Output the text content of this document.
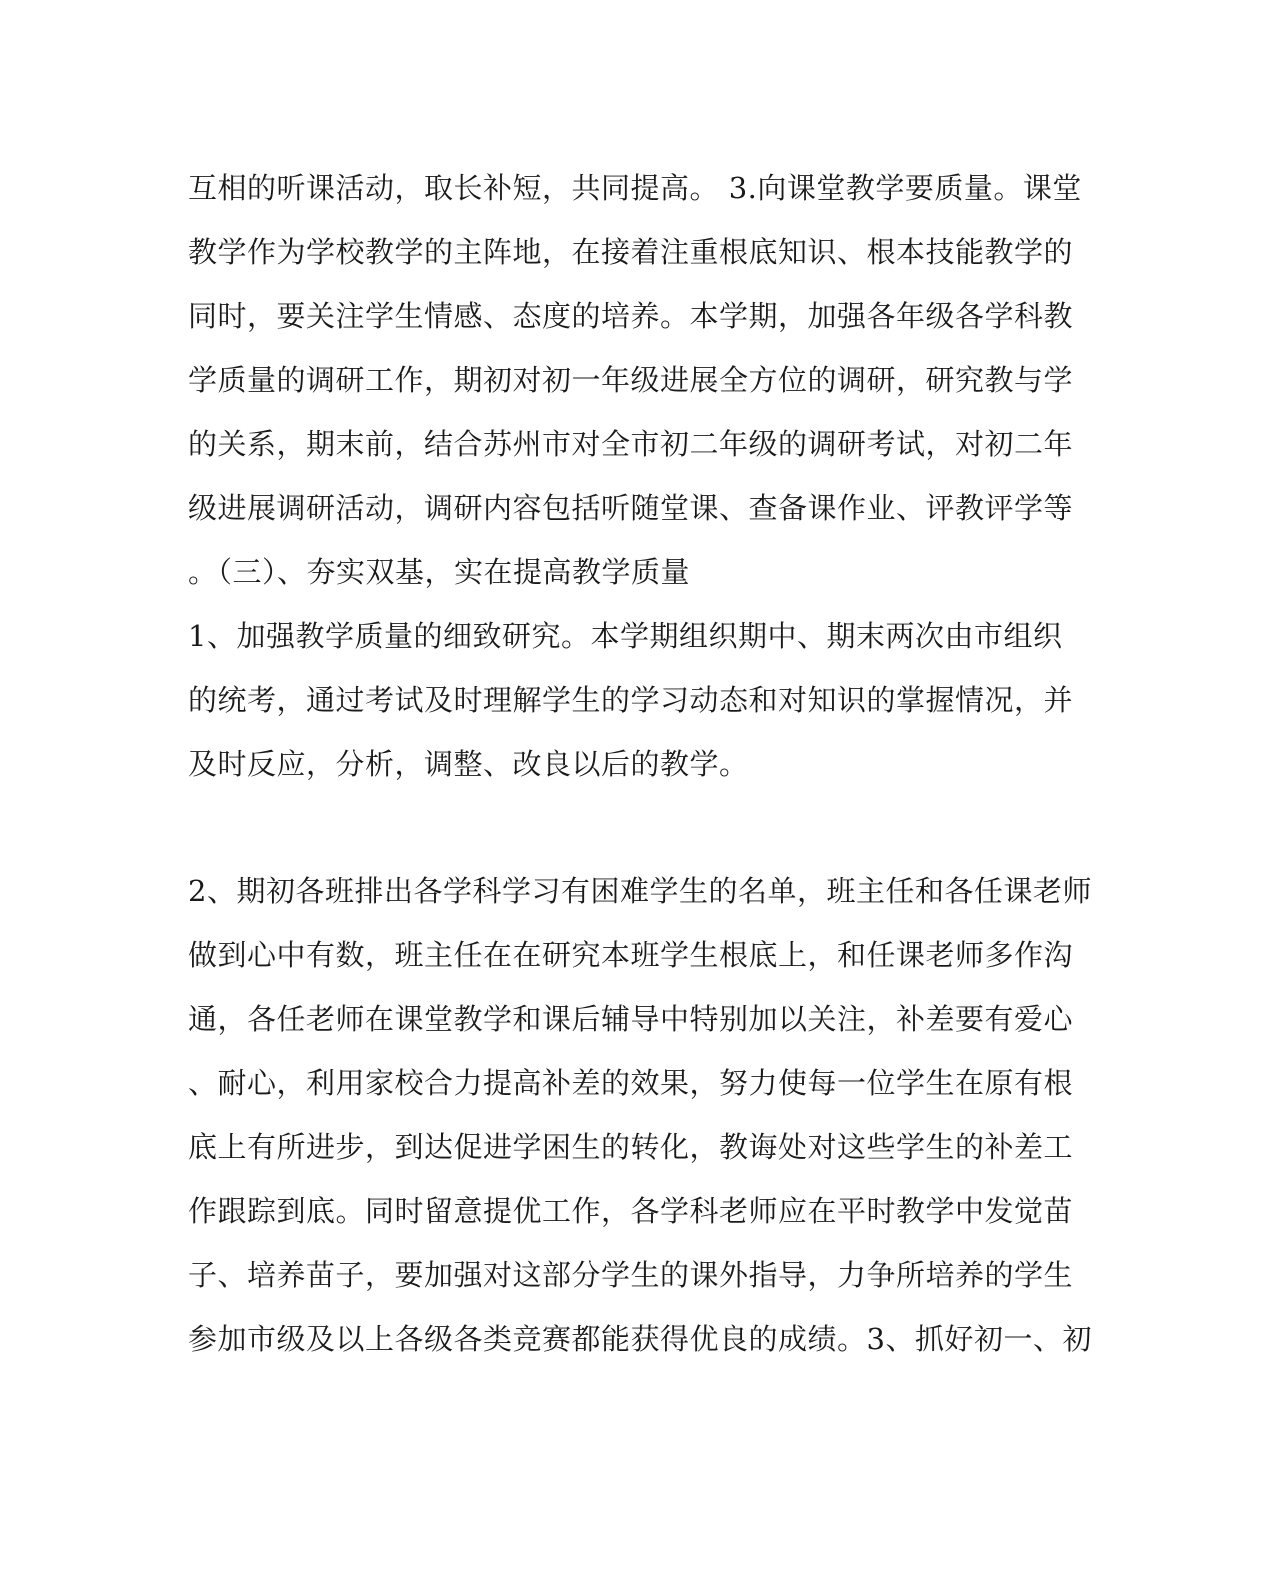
互相的听课活动，取长补短，共同提高。 3.向课堂教学要质量。课堂
教学作为学校教学的主阵地，在接着注重根底知识、根本技能教学的
同时，要关注学生情感、态度的培养。本学期，加强各年级各学科教
学质量的调研工作，期初对初一年级进展全方位的调研，研究教与学
的关系，期末前，结合苏州市对全市初二年级的调研考试，对初二年
级进展调研活动，调研内容包括听随堂课、查备课作业、评教评学等
。（三）、夯实双基，实在提高教学质量
1、加强教学质量的细致研究。本学期组织期中、期末两次由市组织
的统考，通过考试及时理解学生的学习动态和对知识的掌握情况，并
及时反应，分析，调整、改良以后的教学。
2、期初各班排出各学科学习有困难学生的名单，班主任和各任课老师
做到心中有数，班主任在在研究本班学生根底上，和任课老师多作沟
通，各任老师在课堂教学和课后辅导中特别加以关注，补差要有爱心
、耐心，利用家校合力提高补差的效果，努力使每一位学生在原有根
底上有所进步，到达促进学困生的转化，教诲处对这些学生的补差工
作跟踪到底。同时留意提优工作，各学科老师应在平时教学中发觉苗
子、培养苗子，要加强对这部分学生的课外指导，力争所培养的学生
参加市级及以上各级各类竞赛都能获得优良的成绩。3、抓好初一、初
